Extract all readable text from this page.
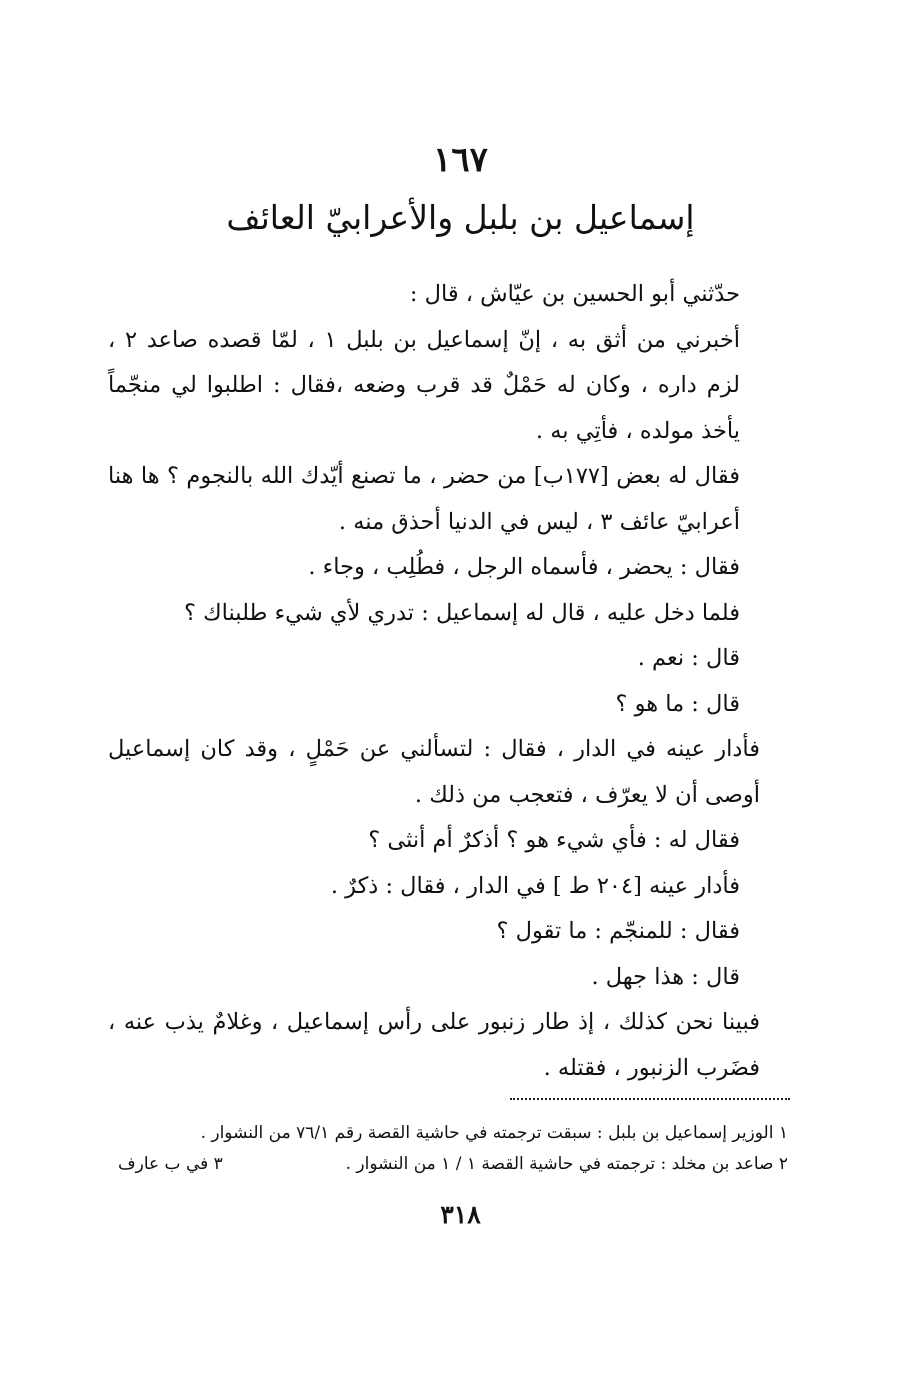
١٦٧
إسماعيل بن بلبل والأعرابيّ العائف

حدّثني أبو الحسين بن عيّاش ، قال :

أخبرني من أثق به ، إنّ إسماعيل بن بلبل ١ ، لمّا قصده صاعد ٢ ، لزم داره ، وكان له حَمْلٌ قد قرب وضعه ،فقال : اطلبوا لي منجّماً يأخذ مولده ، فأتِي به .

فقال له بعض [١٧٧ب] من حضر ، ما تصنع أيّدك الله بالنجوم ؟ ها هنا أعرابيّ عائف ٣ ، ليس في الدنيا أحذق منه .

فقال : يحضر ، فأسماه الرجل ، فطُلِب ، وجاء .

فلما دخل عليه ، قال له إسماعيل : تدري لأي شيء طلبناك ؟

قال : نعم .

قال : ما هو ؟

فأدار عينه في الدار ، فقال : لتسألني عن حَمْلٍ ، وقد كان إسماعيل أوصى أن لا يعرّف ، فتعجب من ذلك .

فقال له : فأي شيء هو ؟ أذكرٌ أم أنثى ؟

فأدار عينه [٢٠٤ ط ] في الدار ، فقال : ذكرٌ .

فقال : للمنجّم : ما تقول ؟

قال : هذا جهل .

فبينا نحن كذلك ، إذ طار زنبور على رأس إسماعيل ، وغلامٌ يذب عنه ، فضَرب الزنبور ، فقتله .

١ الوزير إسماعيل بن بلبل : سبقت ترجمته في حاشية القصة رقم ٧٦/١ من النشوار .
٢ صاعد بن مخلد : ترجمته في حاشية القصة ١ / ١ من النشوار .
٣ في ب عارف
٣١٨
